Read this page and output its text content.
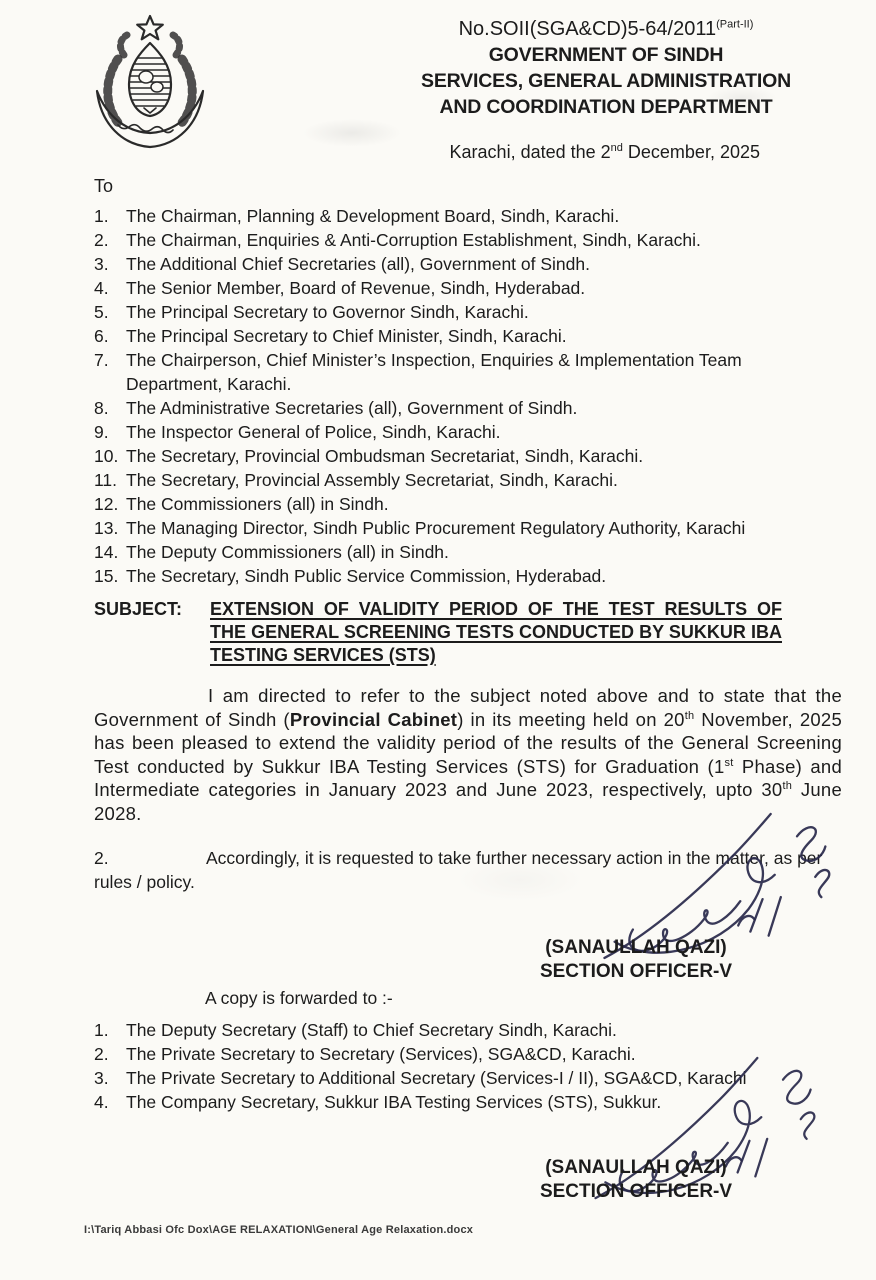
$No.SOII(SGA\&CD)5-64/2011^{(Part-II)}$
GOVERNMENT OF SINDH
SERVICES, GENERAL ADMINISTRATION
AND COORDINATION DEPARTMENT
Karachi, dated the 2nd December, 2025
To
1. The Chairman, Planning & Development Board, Sindh, Karachi.
2. The Chairman, Enquiries & Anti-Corruption Establishment, Sindh, Karachi.
3. The Additional Chief Secretaries (all), Government of Sindh.
4. The Senior Member, Board of Revenue, Sindh, Hyderabad.
5. The Principal Secretary to Governor Sindh, Karachi.
6. The Principal Secretary to Chief Minister, Sindh, Karachi.
7. The Chairperson, Chief Minister’s Inspection, Enquiries & Implementation Team Department, Karachi.
8. The Administrative Secretaries (all), Government of Sindh.
9. The Inspector General of Police, Sindh, Karachi.
10. The Secretary, Provincial Ombudsman Secretariat, Sindh, Karachi.
11. The Secretary, Provincial Assembly Secretariat, Sindh, Karachi.
12. The Commissioners (all) in Sindh.
13. The Managing Director, Sindh Public Procurement Regulatory Authority, Karachi
14. The Deputy Commissioners (all) in Sindh.
15. The Secretary, Sindh Public Service Commission, Hyderabad.
SUBJECT:	EXTENSION OF VALIDITY PERIOD OF THE TEST RESULTS OF THE GENERAL SCREENING TESTS CONDUCTED BY SUKKUR IBA TESTING SERVICES (STS)

I am directed to refer to the subject noted above and to state that the Government of Sindh (Provincial Cabinet) in its meeting held on 20th November, 2025 has been pleased to extend the validity period of the results of the General Screening Test conducted by Sukkur IBA Testing Services (STS) for Graduation (1st Phase) and Intermediate categories in January 2023 and June 2023, respectively, upto 30th June 2028.

2.	Accordingly, it is requested to take further necessary action in the matter, as per rules / policy.

(SANAULLAH QAZI)
SECTION OFFICER-V
A copy is forwarded to :-
1. The Deputy Secretary (Staff) to Chief Secretary Sindh, Karachi.
2. The Private Secretary to Secretary (Services), SGA&CD, Karachi.
3. The Private Secretary to Additional Secretary (Services-I / II), SGA&CD, Karachi
4. The Company Secretary, Sukkur IBA Testing Services (STS), Sukkur.
(SANAULLAH QAZI)
SECTION OFFICER-V
I:\Tariq Abbasi Ofc Dox\AGE RELAXATION\General Age Relaxation.docx
